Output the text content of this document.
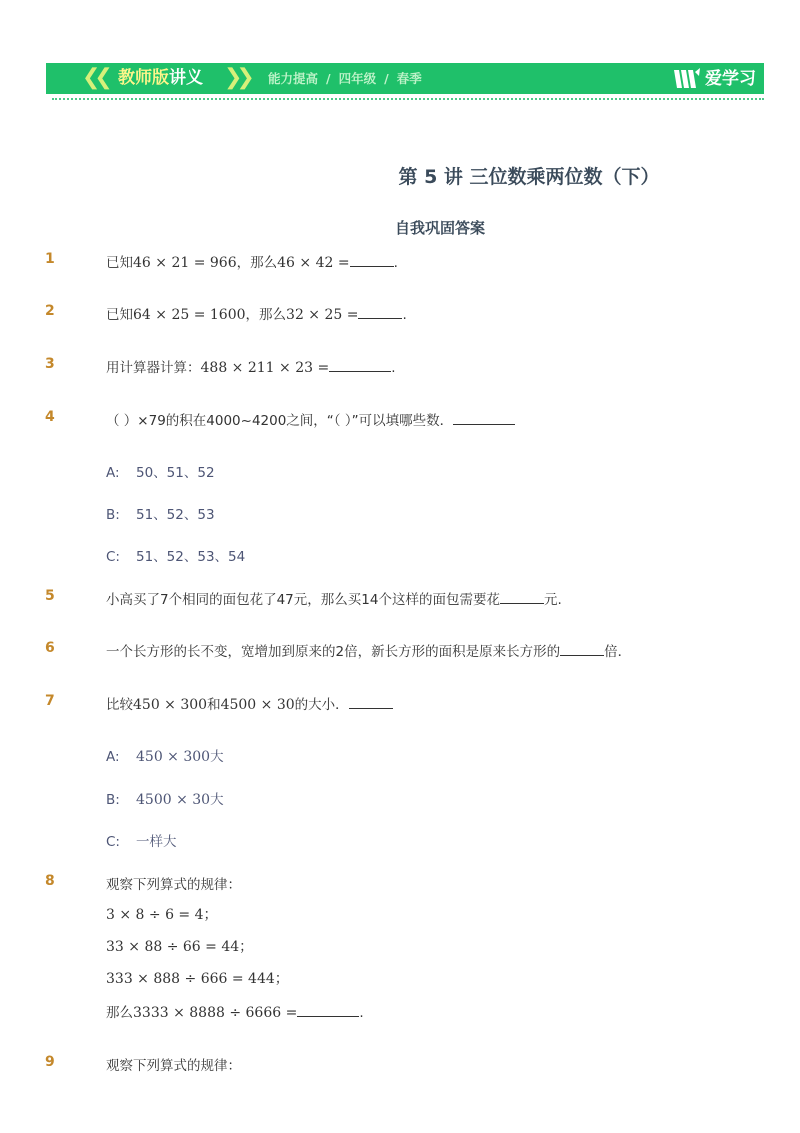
❮❮ 教师版讲义 ❯❯ 能力提高 / 四年级 / 春季	爱学习
第 5 讲 三位数乘两位数（下）
自我巩固答案
1	已知46 × 21 = 966，那么46 × 42 =	.
2	已知64 × 25 = 1600，那么32 × 25 =	.
3	用计算器计算：488 × 211 × 23 =	.
4	（ ）×79的积在4000~4200之间，“（ ）”可以填哪些数．
A: 50、51、52
B: 51、52、53
C: 51、52、53、54
5	小高买了7个相同的面包花了47元，那么买14个这样的面包需要花	元.
6	一个长方形的长不变，宽增加到原来的2倍，新长方形的面积是原来长方形的	倍．
7	比较450 × 300和4500 × 30的大小．
A: 450 × 300大
B: 4500 × 30大
C: 一样大
8	观察下列算式的规律：
3 × 8 ÷ 6 = 4；
33 × 88 ÷ 66 = 44；
333 × 888 ÷ 666 = 444；
那么3333 × 8888 ÷ 6666 =	.
9	观察下列算式的规律：
